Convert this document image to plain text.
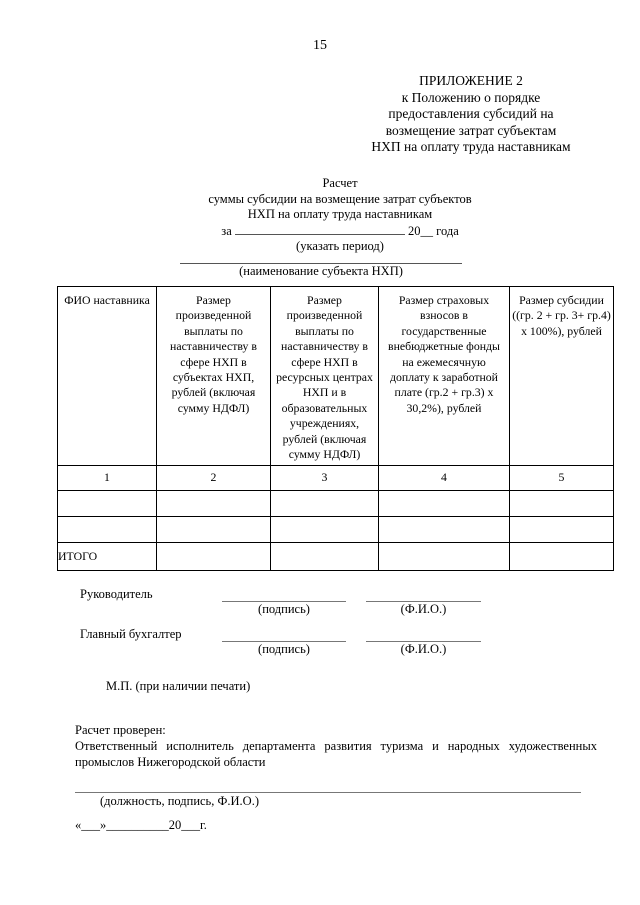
15
ПРИЛОЖЕНИЕ 2
к Положению о порядке
предоставления субсидий на
возмещение затрат субъектам
НХП на оплату труда наставникам
Расчет
суммы субсидии на возмещение затрат субъектов
НХП на оплату труда наставникам
за	20__ года
(указать период)
(наименование субъекта НХП)
ФИО наставника	Размер произведенной выплаты по наставничеству в сфере НХП в субъектах НХП, рублей (включая сумму НДФЛ)	Размер произведенной выплаты по наставничеству в сфере НХП в ресурсных центрах НХП и в образовательных учреждениях, рублей (включая сумму НДФЛ)	Размер страховых взносов в государственные внебюджетные фонды на ежемесячную доплату к заработной плате (гр.2 + гр.3) х 30,2%), рублей	Размер субсидии ((гр. 2 + гр. 3+ гр.4) х 100%), рублей
1	2	3	4	5

ИТОГО				
Руководитель
(подпись)	(Ф.И.О.)
Главный бухгалтер
(подпись)	(Ф.И.О.)
М.П. (при наличии печати)
Расчет проверен:
Ответственный исполнитель департамента развития туризма и народных художественных промыслов Нижегородской области
(должность, подпись, Ф.И.О.)
«___»__________20___г.
